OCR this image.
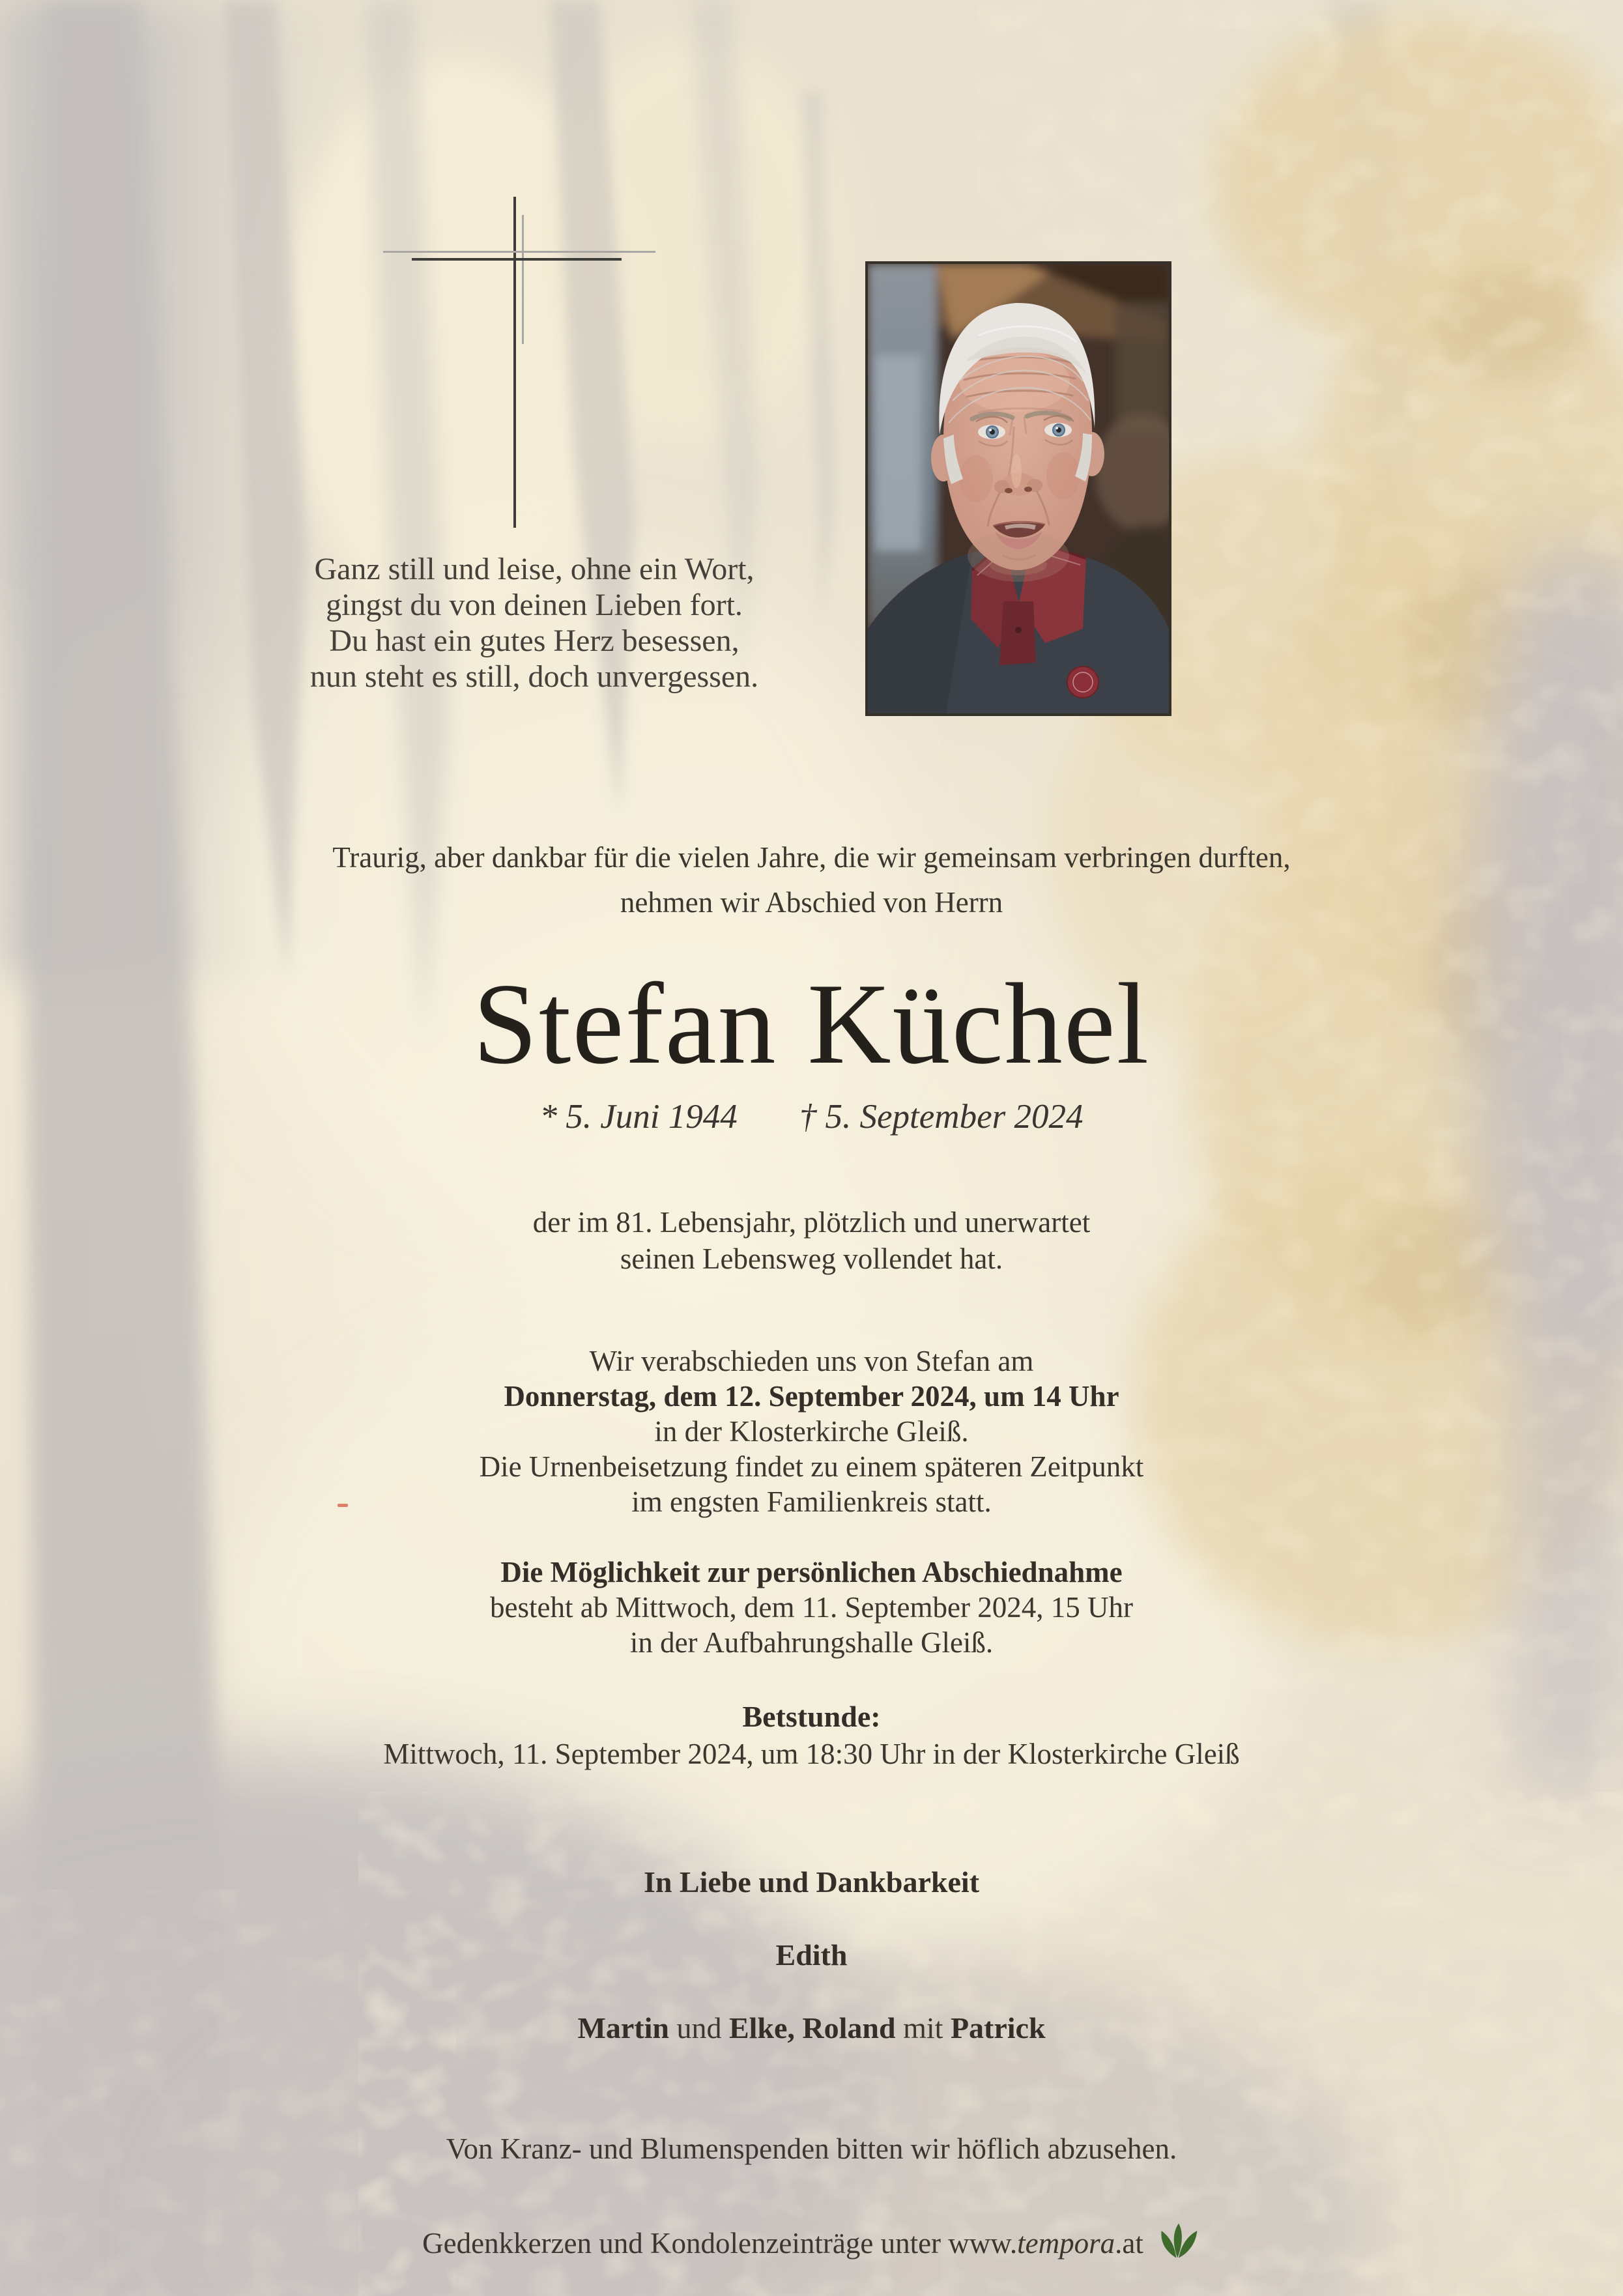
Ganz still und leise, ohne ein Wort,
gingst du von deinen Lieben fort.
Du hast ein gutes Herz besessen,
nun steht es still, doch unvergessen.
Traurig, aber dankbar für die vielen Jahre, die wir gemeinsam verbringen durften,
nehmen wir Abschied von Herrn
Stefan Küchel
* 5. Juni 1944 † 5. September 2024
der im 81. Lebensjahr, plötzlich und unerwartet
seinen Lebensweg vollendet hat.
Wir verabschieden uns von Stefan am
Donnerstag, dem 12. September 2024, um 14 Uhr
in der Klosterkirche Gleiß.
Die Urnenbeisetzung findet zu einem späteren Zeitpunkt
im engsten Familienkreis statt.
Die Möglichkeit zur persönlichen Abschiednahme
besteht ab Mittwoch, dem 11. September 2024, 15 Uhr
in der Aufbahrungshalle Gleiß.
Betstunde:
Mittwoch, 11. September 2024, um 18:30 Uhr in der Klosterkirche Gleiß
In Liebe und Dankbarkeit
Edith
Martin und Elke, Roland mit Patrick
Von Kranz- und Blumenspenden bitten wir höflich abzusehen.
Gedenkkerzen und Kondolenzeinträge unter www. tempora .at
